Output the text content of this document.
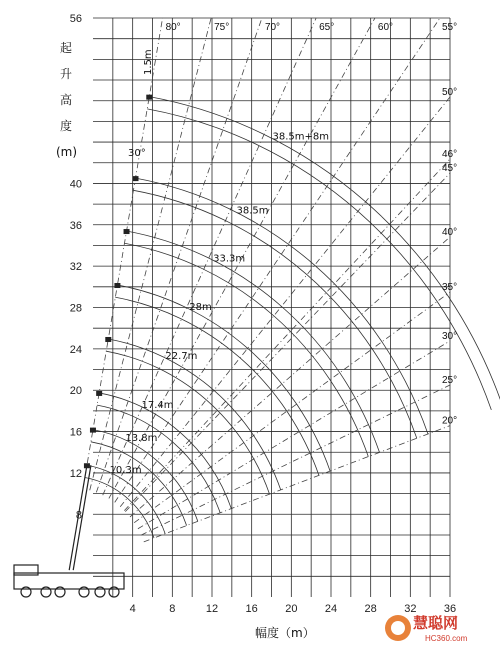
4	8	12 16 20 24 28 32 36
8
12
16
20
24
28
32
36
40
56
80°	75°	70°	65°	60°	55°
50°
46°
45°
40°
35°
30°
25°
20°
10.3m
13.8m
17.4m
22.7m
28m
33.3m
38.5m
38.5m+8m
起 升 高 度 (m)
幅度（m）
30°
1.5m
慧聪网
HC360.com
